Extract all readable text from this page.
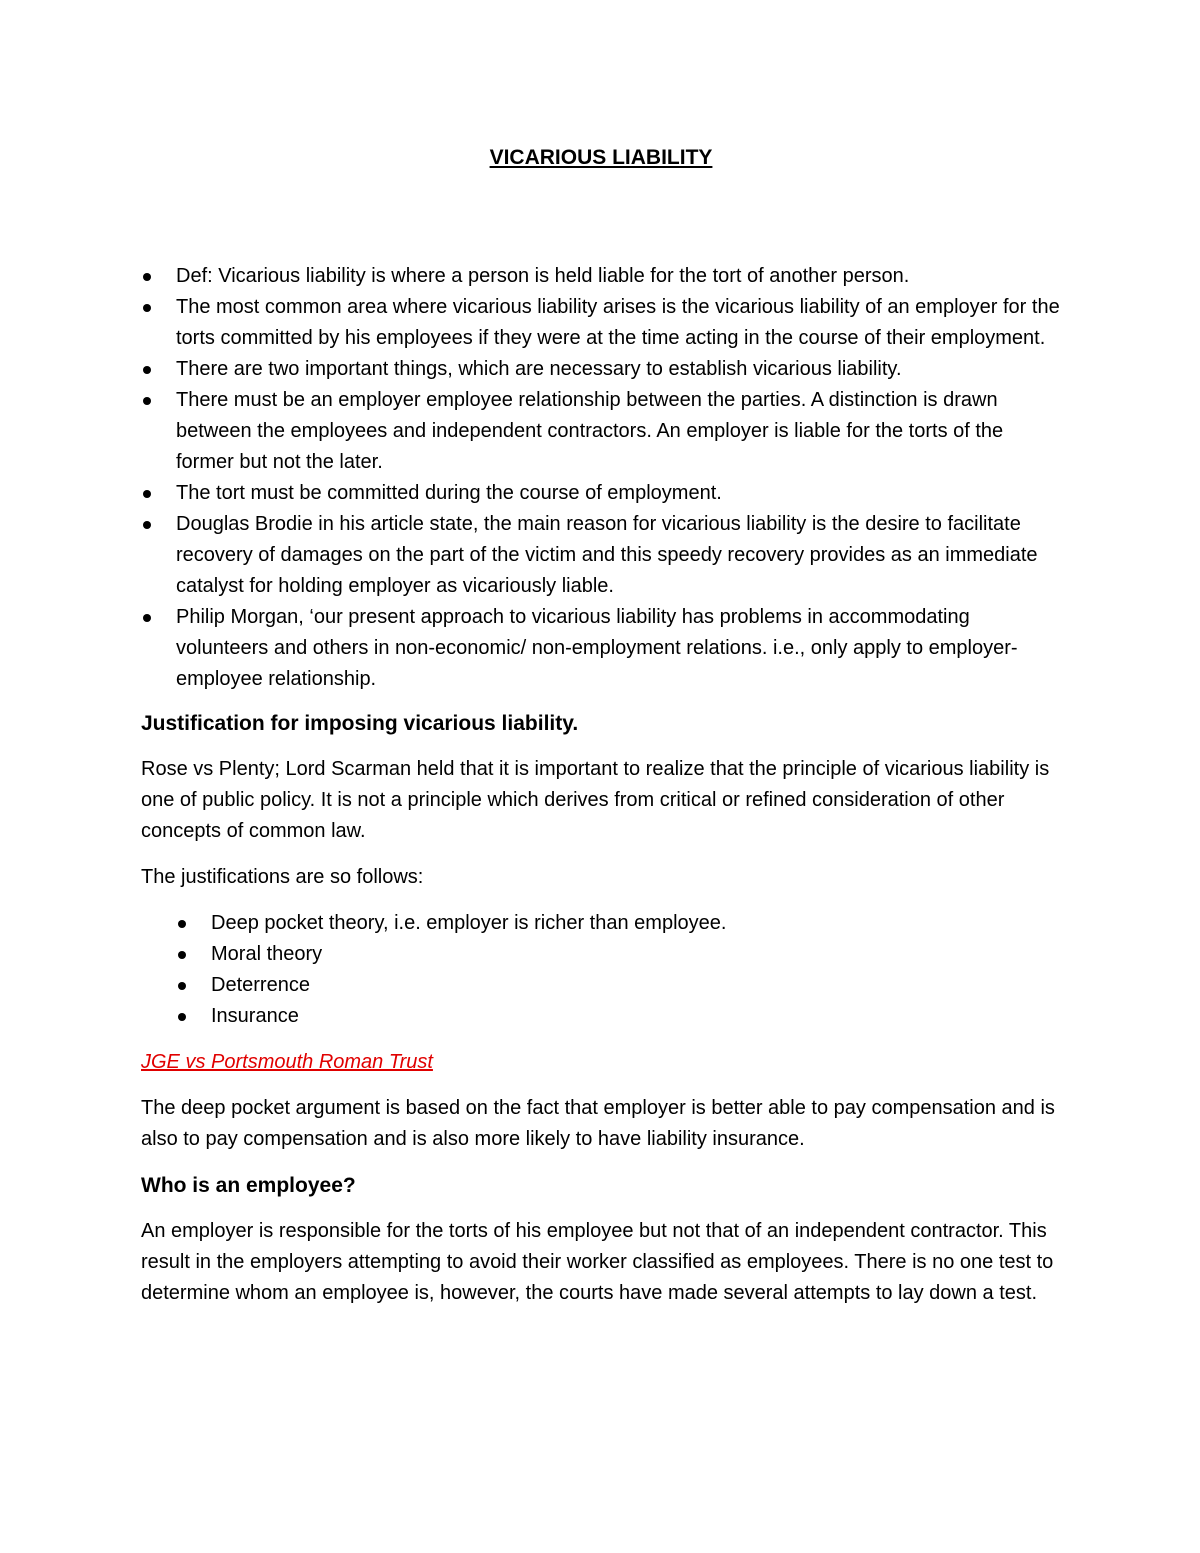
VICARIOUS LIABILITY
Def: Vicarious liability is where a person is held liable for the tort of another person.
The most common area where vicarious liability arises is the vicarious liability of an employer for the torts committed by his employees if they were at the time acting in the course of their employment.
There are two important things, which are necessary to establish vicarious liability.
There must be an employer employee relationship between the parties. A distinction is drawn between the employees and independent contractors. An employer is liable for the torts of the former but not the later.
The tort must be committed during the course of employment.
Douglas Brodie in his article state, the main reason for vicarious liability is the desire to facilitate recovery of damages on the part of the victim and this speedy recovery provides as an immediate catalyst for holding employer as vicariously liable.
Philip Morgan, ‘our present approach to vicarious liability has problems in accommodating volunteers and others in non-economic/ non-employment relations. i.e., only apply to employer-employee relationship.
Justification for imposing vicarious liability.
Rose vs Plenty; Lord Scarman held that it is important to realize that the principle of vicarious liability is one of public policy. It is not a principle which derives from critical or refined consideration of other concepts of common law.
The justifications are so follows:
Deep pocket theory, i.e. employer is richer than employee.
Moral theory
Deterrence
Insurance
JGE vs Portsmouth Roman Trust
The deep pocket argument is based on the fact that employer is better able to pay compensation and is also to pay compensation and is also more likely to have liability insurance.
Who is an employee?
An employer is responsible for the torts of his employee but not that of an independent contractor. This result in the employers attempting to avoid their worker classified as employees. There is no one test to determine whom an employee is, however, the courts have made several attempts to lay down a test.
